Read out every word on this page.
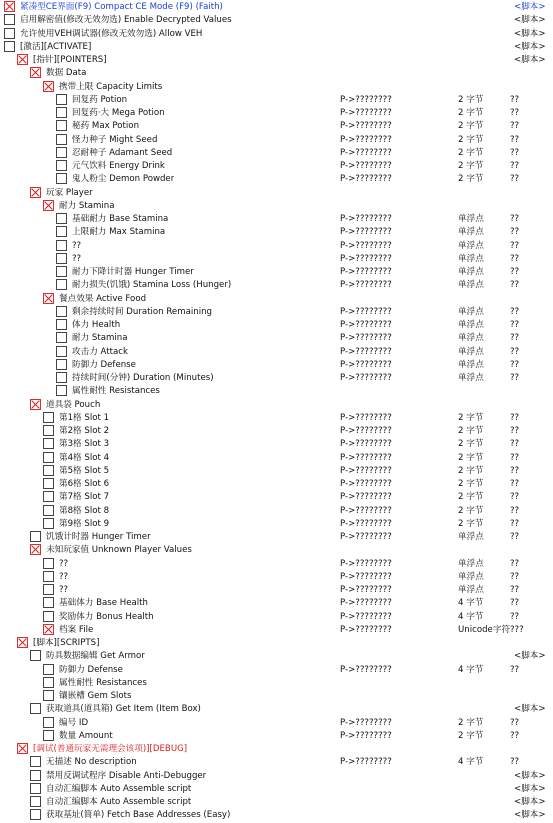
紧凑型CE界面(F9) Compact CE Mode (F9) (Faith)	<脚本>
启用解密值(修改无效勿选) Enable Decrypted Values	<脚本>
允许使用VEH调试器(修改无效勿选) Allow VEH	<脚本>
[激活][ACTIVATE]	<脚本>
[指针][POINTERS]	<脚本>
数据 Data
携带上限 Capacity Limits
回复药 Potion	P->????????	2 字节	??
回复药·大 Mega Potion	P->????????	2 字节	??
秘药 Max Potion	P->????????	2 字节	??
怪力种子 Might Seed	P->????????	2 字节	??
忍耐种子 Adamant Seed	P->????????	2 字节	??
元气饮料 Energy Drink	P->????????	2 字节	??
鬼人粉尘 Demon Powder	P->????????	2 字节	??
玩家 Player
耐力 Stamina
基础耐力 Base Stamina	P->????????	单浮点	??
上限耐力 Max Stamina	P->????????	单浮点	??
??	P->????????	单浮点	??
??	P->????????	单浮点	??
耐力下降计时器 Hunger Timer	P->????????	单浮点	??
耐力损失(饥饿) Stamina Loss (Hunger)	P->????????	单浮点	??
餐点效果 Active Food
剩余持续时间 Duration Remaining	P->????????	单浮点	??
体力 Health	P->????????	单浮点	??
耐力 Stamina	P->????????	单浮点	??
攻击力 Attack	P->????????	单浮点	??
防御力 Defense	P->????????	单浮点	??
持续时间(分钟) Duration (Minutes)	P->????????	单浮点	??
属性耐性 Resistances
道具袋 Pouch
第1格 Slot 1	P->????????	2 字节	??
第2格 Slot 2	P->????????	2 字节	??
第3格 Slot 3	P->????????	2 字节	??
第4格 Slot 4	P->????????	2 字节	??
第5格 Slot 5	P->????????	2 字节	??
第6格 Slot 6	P->????????	2 字节	??
第7格 Slot 7	P->????????	2 字节	??
第8格 Slot 8	P->????????	2 字节	??
第9格 Slot 9	P->????????	2 字节	??
饥饿计时器 Hunger Timer	P->????????	单浮点	??
未知玩家值 Unknown Player Values
??	P->????????	单浮点	??
??	P->????????	单浮点	??
??	P->????????	单浮点	??
基础体力 Base Health	P->????????	4 字节	??
奖励体力 Bonus Health	P->????????	4 字节	??
档案 File	P->????????	Unicode字符 ???
[脚本][SCRIPTS]
防具数据编辑 Get Armor	<脚本>
防御力 Defense	P->????????	4 字节	??
属性耐性 Resistances
镶嵌槽 Gem Slots
获取道具(道具箱) Get Item (Item Box)	<脚本>
编号 ID	P->????????	2 字节	??
数量 Amount	P->????????	2 字节	??
[调试(普通玩家无需理会该项)][DEBUG]
无描述 No description	P->????????	4 字节	??
禁用反调试程序 Disable Anti-Debugger	<脚本>
自动汇编脚本 Auto Assemble script	<脚本>
自动汇编脚本 Auto Assemble script	<脚本>
获取基址(简单) Fetch Base Addresses (Easy)	<脚本>
